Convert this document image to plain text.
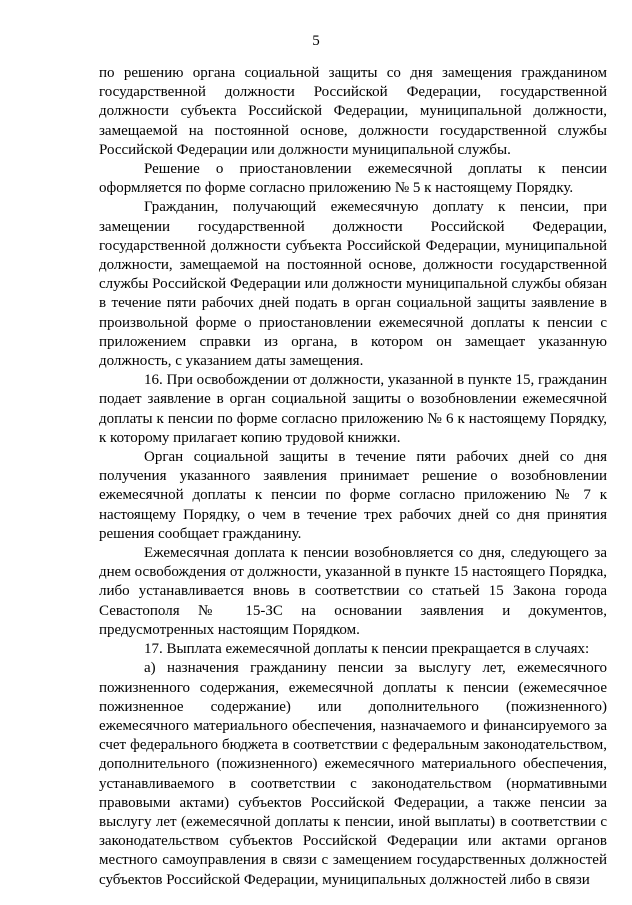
5

по решению органа социальной защиты со дня замещения гражданином государственной должности Российской Федерации, государственной должности субъекта Российской Федерации, муниципальной должности, замещаемой на постоянной основе, должности государственной службы Российской Федерации или должности муниципальной службы.

Решение о приостановлении ежемесячной доплаты к пенсии оформляется по форме согласно приложению № 5 к настоящему Порядку.

Гражданин, получающий ежемесячную доплату к пенсии, при замещении государственной должности Российской Федерации, государственной должности субъекта Российской Федерации, муниципальной должности, замещаемой на постоянной основе, должности государственной службы Российской Федерации или должности муниципальной службы обязан в течение пяти рабочих дней подать в орган социальной защиты заявление в произвольной форме о приостановлении ежемесячной доплаты к пенсии с приложением справки из органа, в котором он замещает указанную должность, с указанием даты замещения.

16. При освобождении от должности, указанной в пункте 15, гражданин подает заявление в орган социальной защиты о возобновлении ежемесячной доплаты к пенсии по форме согласно приложению № 6 к настоящему Порядку, к которому прилагает копию трудовой книжки.

Орган социальной защиты в течение пяти рабочих дней со дня получения указанного заявления принимает решение о возобновлении ежемесячной доплаты к пенсии по форме согласно приложению № 7 к настоящему Порядку, о чем в течение трех рабочих дней со дня принятия решения сообщает гражданину.

Ежемесячная доплата к пенсии возобновляется со дня, следующего за днем освобождения от должности, указанной в пункте 15 настоящего Порядка, либо устанавливается вновь в соответствии со статьей 15 Закона города Севастополя № 15-ЗС на основании заявления и документов, предусмотренных настоящим Порядком.

17. Выплата ежемесячной доплаты к пенсии прекращается в случаях:

а) назначения гражданину пенсии за выслугу лет, ежемесячного пожизненного содержания, ежемесячной доплаты к пенсии (ежемесячное пожизненное содержание) или дополнительного (пожизненного) ежемесячного материального обеспечения, назначаемого и финансируемого за счет федерального бюджета в соответствии с федеральным законодательством, дополнительного (пожизненного) ежемесячного материального обеспечения, устанавливаемого в соответствии с законодательством (нормативными правовыми актами) субъектов Российской Федерации, а также пенсии за выслугу лет (ежемесячной доплаты к пенсии, иной выплаты) в соответствии с законодательством субъектов Российской Федерации или актами органов местного самоуправления в связи с замещением государственных должностей субъектов Российской Федерации, муниципальных должностей либо в связи
